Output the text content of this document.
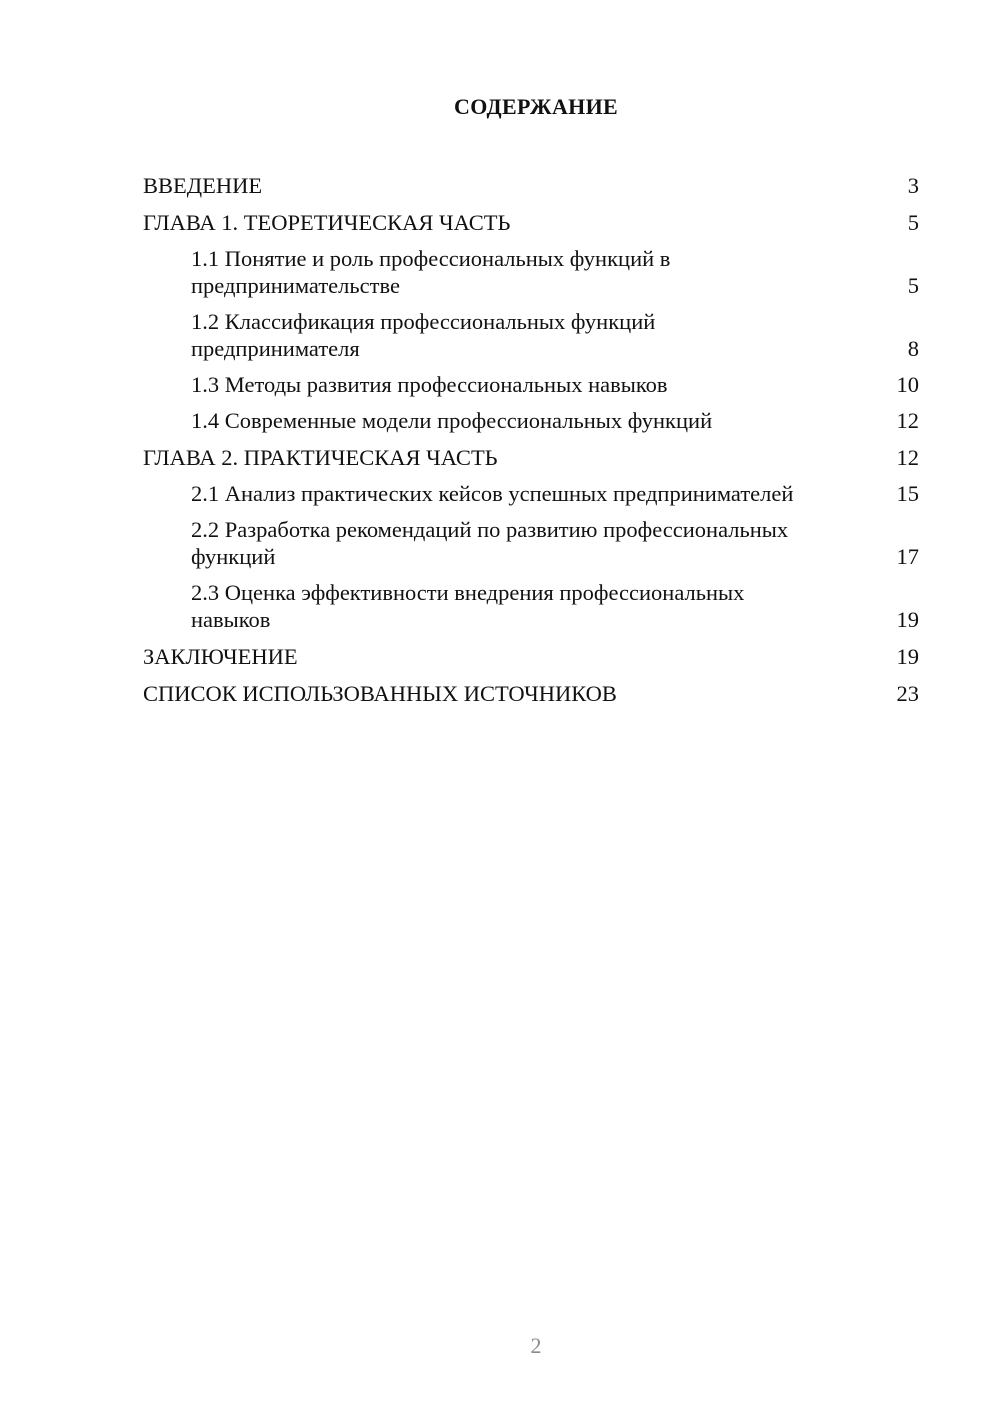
СОДЕРЖАНИЕ
ВВЕДЕНИЕ	3
ГЛАВА 1. ТЕОРЕТИЧЕСКАЯ ЧАСТЬ	5
1.1 Понятие и роль профессиональных функций в предпринимательстве	5
1.2 Классификация профессиональных функций предпринимателя	8
1.3 Методы развития профессиональных навыков	10
1.4 Современные модели профессиональных функций	12
ГЛАВА 2. ПРАКТИЧЕСКАЯ ЧАСТЬ	12
2.1 Анализ практических кейсов успешных предпринимателей	15
2.2 Разработка рекомендаций по развитию профессиональных функций	17
2.3 Оценка эффективности внедрения профессиональных навыков	19
ЗАКЛЮЧЕНИЕ	19
СПИСОК ИСПОЛЬЗОВАННЫХ ИСТОЧНИКОВ	23
2
